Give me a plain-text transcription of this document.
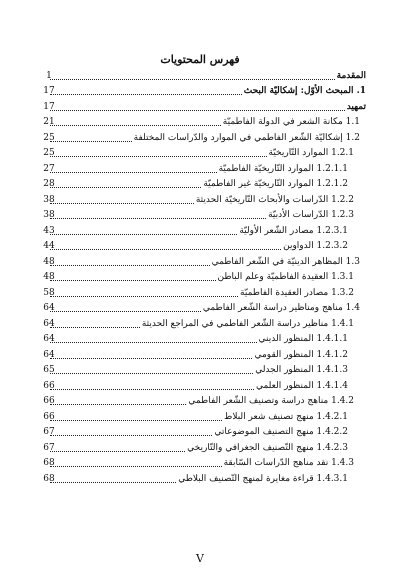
فهرس المحتويات
المقدمة
1
1. المبحث الأوّل: إشكاليّة البحث
17
تمهيد
17
1.1 مكانة الشعر في الدولة الفاطميّة
21
1.2 إشكاليّة الشّعر الفاطمي في الموارد والدّراسات المختلفة
25
1.2.1 الموارد التّاريخيّة
25
1.2.1.1 الموارد التّاريخيّة الفاطميّة
27
1.2.1.2 الموارد التّاريخيّة غير الفاطميّة
28
1.2.2 الدّراسات والأبحاث التّاريخيّة الحديثة
38
1.2.3 الدّراسات الأدبيّة
38
1.2.3.1 مصادر الشّعر الأوليّة
43
1.2.3.2 الدواوين
44
1.3 المظاهر الدينيّة في الشّعر الفاطمي
48
1.3.1 العقيدة الفاطميّة وعلم الباطن
48
1.3.2 مصادر العقيدة الفاطميّة
58
1.4 مناهج ومناظير دراسة الشّعر الفاطمي
64
1.4.1 مناظير دراسة الشّعر الفاطمي في المراجع الحديثة
64
1.4.1.1 المنظور الديني
64
1.4.1.2 المنظور القومي
64
1.4.1.3 المنظور الجدلي
65
1.4.1.4 المنظور العلمي
66
1.4.2 مناهج دراسة وتصنيف الشّعر الفاطمي
66
1.4.2.1 منهج تصنيف شعر البلاط
66
1.4.2.2 منهج التصنيف الموضوعاتي
67
1.4.2.3 منهج التّصنيف الجغرافي والتّاريخي
67
1.4.3 نقد مناهج الدّراسات السّابقة
68
1.4.3.1 قراءة مغايرة لمنهج التّصنيف البلاطي
68
V
